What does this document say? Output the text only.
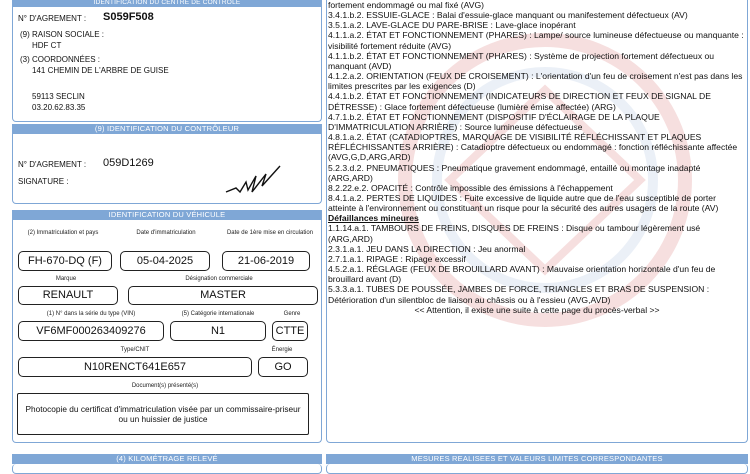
IDENTIFICATION DU CENTRE DE CONTRÔLE
N° D'AGREMENT : S059F508
(9) RAISON SOCIALE :
HDF CT
(3) COORDONNÉES :
141 CHEMIN DE L'ARBRE DE GUISE
59113 SECLIN
03.20.62.83.35
(9) IDENTIFICATION DU CONTRÔLEUR
N° D'AGREMENT : 059D1269
SIGNATURE :
IDENTIFICATION DU VÉHICULE
(2) Immatriculation et pays	Date d'immatriculation	Date de 1ère mise en circulation
FH-670-DQ (F)	05-04-2025	21-06-2019
Marque	Désignation commerciale
RENAULT	MASTER
(1) N° dans la série du type (VIN)	(5) Catégorie internationale	Genre
VF6MF000263409276	N1	CTTE
Type/CNIT	Énergie
N10RENCT641E657	GO
Document(s) présenté(s)
Photocopie du certificat d'immatriculation visée par un commissaire-priseur ou un huissier de justice
(4) KILOMÉTRAGE RELEVÉ
fortement endommagé ou mal fixé (AVG)
3.4.1.b.2. ESSUIE-GLACE : Balai d'essuie-glace manquant ou manifestement défectueux (AV)
3.5.1.a.2. LAVE-GLACE DU PARE-BRISE : Lave-glace inopérant
4.1.1.a.2. ÉTAT ET FONCTIONNEMENT (PHARES) : Lampe/ source lumineuse défectueuse ou manquante : visibilité fortement réduite (AVG)
4.1.1.b.2. ÉTAT ET FONCTIONNEMENT (PHARES) : Système de projection fortement défectueux ou manquant (AVD)
4.1.2.a.2. ORIENTATION (FEUX DE CROISEMENT) : L'orientation d'un feu de croisement n'est pas dans les limites prescrites par les exigences (D)
4.4.1.b.2. ÉTAT ET FONCTIONNEMENT (INDICATEURS DE DIRECTION ET FEUX DE SIGNAL DE DÉTRESSE) : Glace fortement défectueuse (lumière émise affectée) (ARG)
4.7.1.b.2. ÉTAT ET FONCTIONNEMENT (DISPOSITIF D'ÉCLAIRAGE DE LA PLAQUE D'IMMATRICULATION ARRIÈRE) : Source lumineuse défectueuse
4.8.1.a.2. ÉTAT (CATADIOPTRES, MARQUAGE DE VISIBILITÉ RÉFLÉCHISSANT ET PLAQUES RÉFLÉCHISSANTES ARRIÈRE) : Catadioptre défectueux ou endommagé : fonction réfléchissante affectée (AVG,G,D,ARG,ARD)
5.2.3.d.2. PNEUMATIQUES : Pneumatique gravement endommagé, entaillé ou montage inadapté (ARG,ARD)
8.2.22.e.2. OPACITÉ : Contrôle impossible des émissions à l'échappement
8.4.1.a.2. PERTES DE LIQUIDES : Fuite excessive de liquide autre que de l'eau susceptible de porter atteinte à l'environnement ou constituant un risque pour la sécurité des autres usagers de la route (AV)
Défaillances mineures
1.1.14.a.1. TAMBOURS DE FREINS, DISQUES DE FREINS : Disque ou tambour légèrement usé (ARG,ARD)
2.3.1.a.1. JEU DANS LA DIRECTION : Jeu anormal
2.7.1.a.1. RIPAGE : Ripage excessif
4.5.2.a.1. RÉGLAGE (FEUX DE BROUILLARD AVANT) : Mauvaise orientation horizontale d'un feu de brouillard avant (D)
5.3.3.a.1. TUBES DE POUSSÉE, JAMBES DE FORCE, TRIANGLES ET BRAS DE SUSPENSION : Détérioration d'un silentbloc de liaison au châssis ou à l'essieu (AVG,AVD)
<< Attention, il existe une suite à cette page du procès-verbal >>
MESURES REALISEES ET VALEURS LIMITES CORRESPONDANTES
